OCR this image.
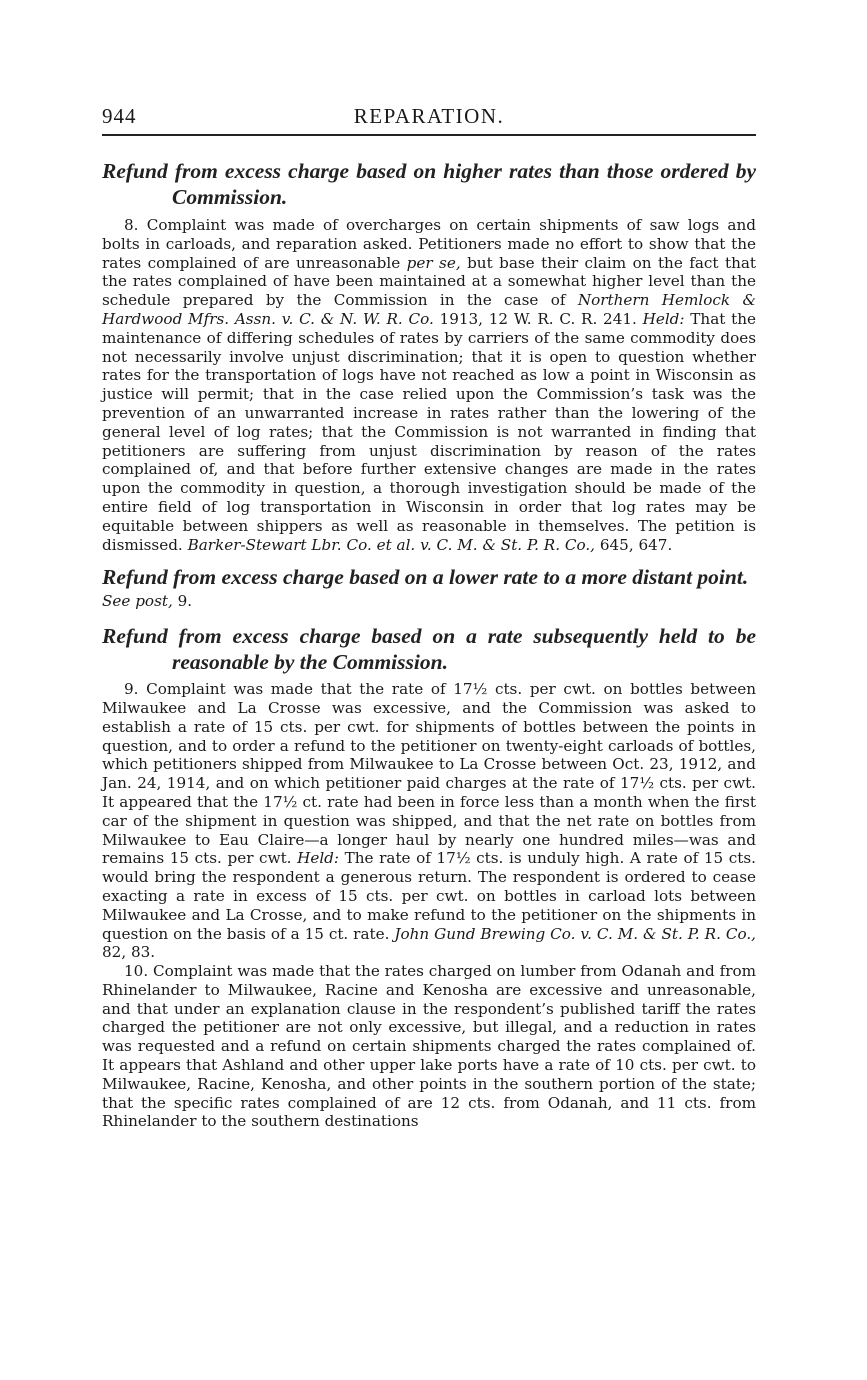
944	REPARATION.
Refund from excess charge based on higher rates than those ordered by Commission.

8. Complaint was made of overcharges on certain shipments of saw logs and bolts in carloads, and reparation asked. Petitioners made no effort to show that the rates complained of are unreasonable per se, but base their claim on the fact that the rates complained of have been maintained at a somewhat higher level than the schedule prepared by the Commission in the case of Northern Hemlock & Hardwood Mfrs. Assn. v. C. & N. W. R. Co. 1913, 12 W. R. C. R. 241. Held: That the maintenance of differing schedules of rates by carriers of the same commodity does not necessarily involve unjust discrimination; that it is open to question whether rates for the transportation of logs have not reached as low a point in Wisconsin as justice will permit; that in the case relied upon the Commission’s task was the prevention of an unwarranted increase in rates rather than the lowering of the general level of log rates; that the Commission is not warranted in finding that petitioners are suffering from unjust discrimination by reason of the rates complained of, and that before further extensive changes are made in the rates upon the commodity in question, a thorough investigation should be made of the entire field of log transportation in Wisconsin in order that log rates may be equitable between shippers as well as reasonable in themselves. The petition is dismissed. Barker-Stewart Lbr. Co. et al. v. C. M. & St. P. R. Co., 645, 647.

Refund from excess charge based on a lower rate to a more distant point.

See post, 9.

Refund from excess charge based on a rate subsequently held to be reasonable by the Commission.

9. Complaint was made that the rate of 17½ cts. per cwt. on bottles between Milwaukee and La Crosse was excessive, and the Commission was asked to establish a rate of 15 cts. per cwt. for shipments of bottles between the points in question, and to order a refund to the petitioner on twenty-eight carloads of bottles, which petitioners shipped from Milwaukee to La Crosse between Oct. 23, 1912, and Jan. 24, 1914, and on which petitioner paid charges at the rate of 17½ cts. per cwt. It appeared that the 17½ ct. rate had been in force less than a month when the first car of the shipment in question was shipped, and that the net rate on bottles from Milwaukee to Eau Claire—a longer haul by nearly one hundred miles—was and remains 15 cts. per cwt. Held: The rate of 17½ cts. is unduly high. A rate of 15 cts. would bring the respondent a generous return. The respondent is ordered to cease exacting a rate in excess of 15 cts. per cwt. on bottles in carload lots between Milwaukee and La Crosse, and to make refund to the petitioner on the shipments in question on the basis of a 15 ct. rate. John Gund Brewing Co. v. C. M. & St. P. R. Co., 82, 83.

10. Complaint was made that the rates charged on lumber from Odanah and from Rhinelander to Milwaukee, Racine and Kenosha are excessive and unreasonable, and that under an explanation clause in the respondent’s published tariff the rates charged the petitioner are not only excessive, but illegal, and a reduction in rates was requested and a refund on certain shipments charged the rates complained of. It appears that Ashland and other upper lake ports have a rate of 10 cts. per cwt. to Milwaukee, Racine, Kenosha, and other points in the southern portion of the state; that the specific rates complained of are 12 cts. from Odanah, and 11 cts. from Rhinelander to the southern destinations
